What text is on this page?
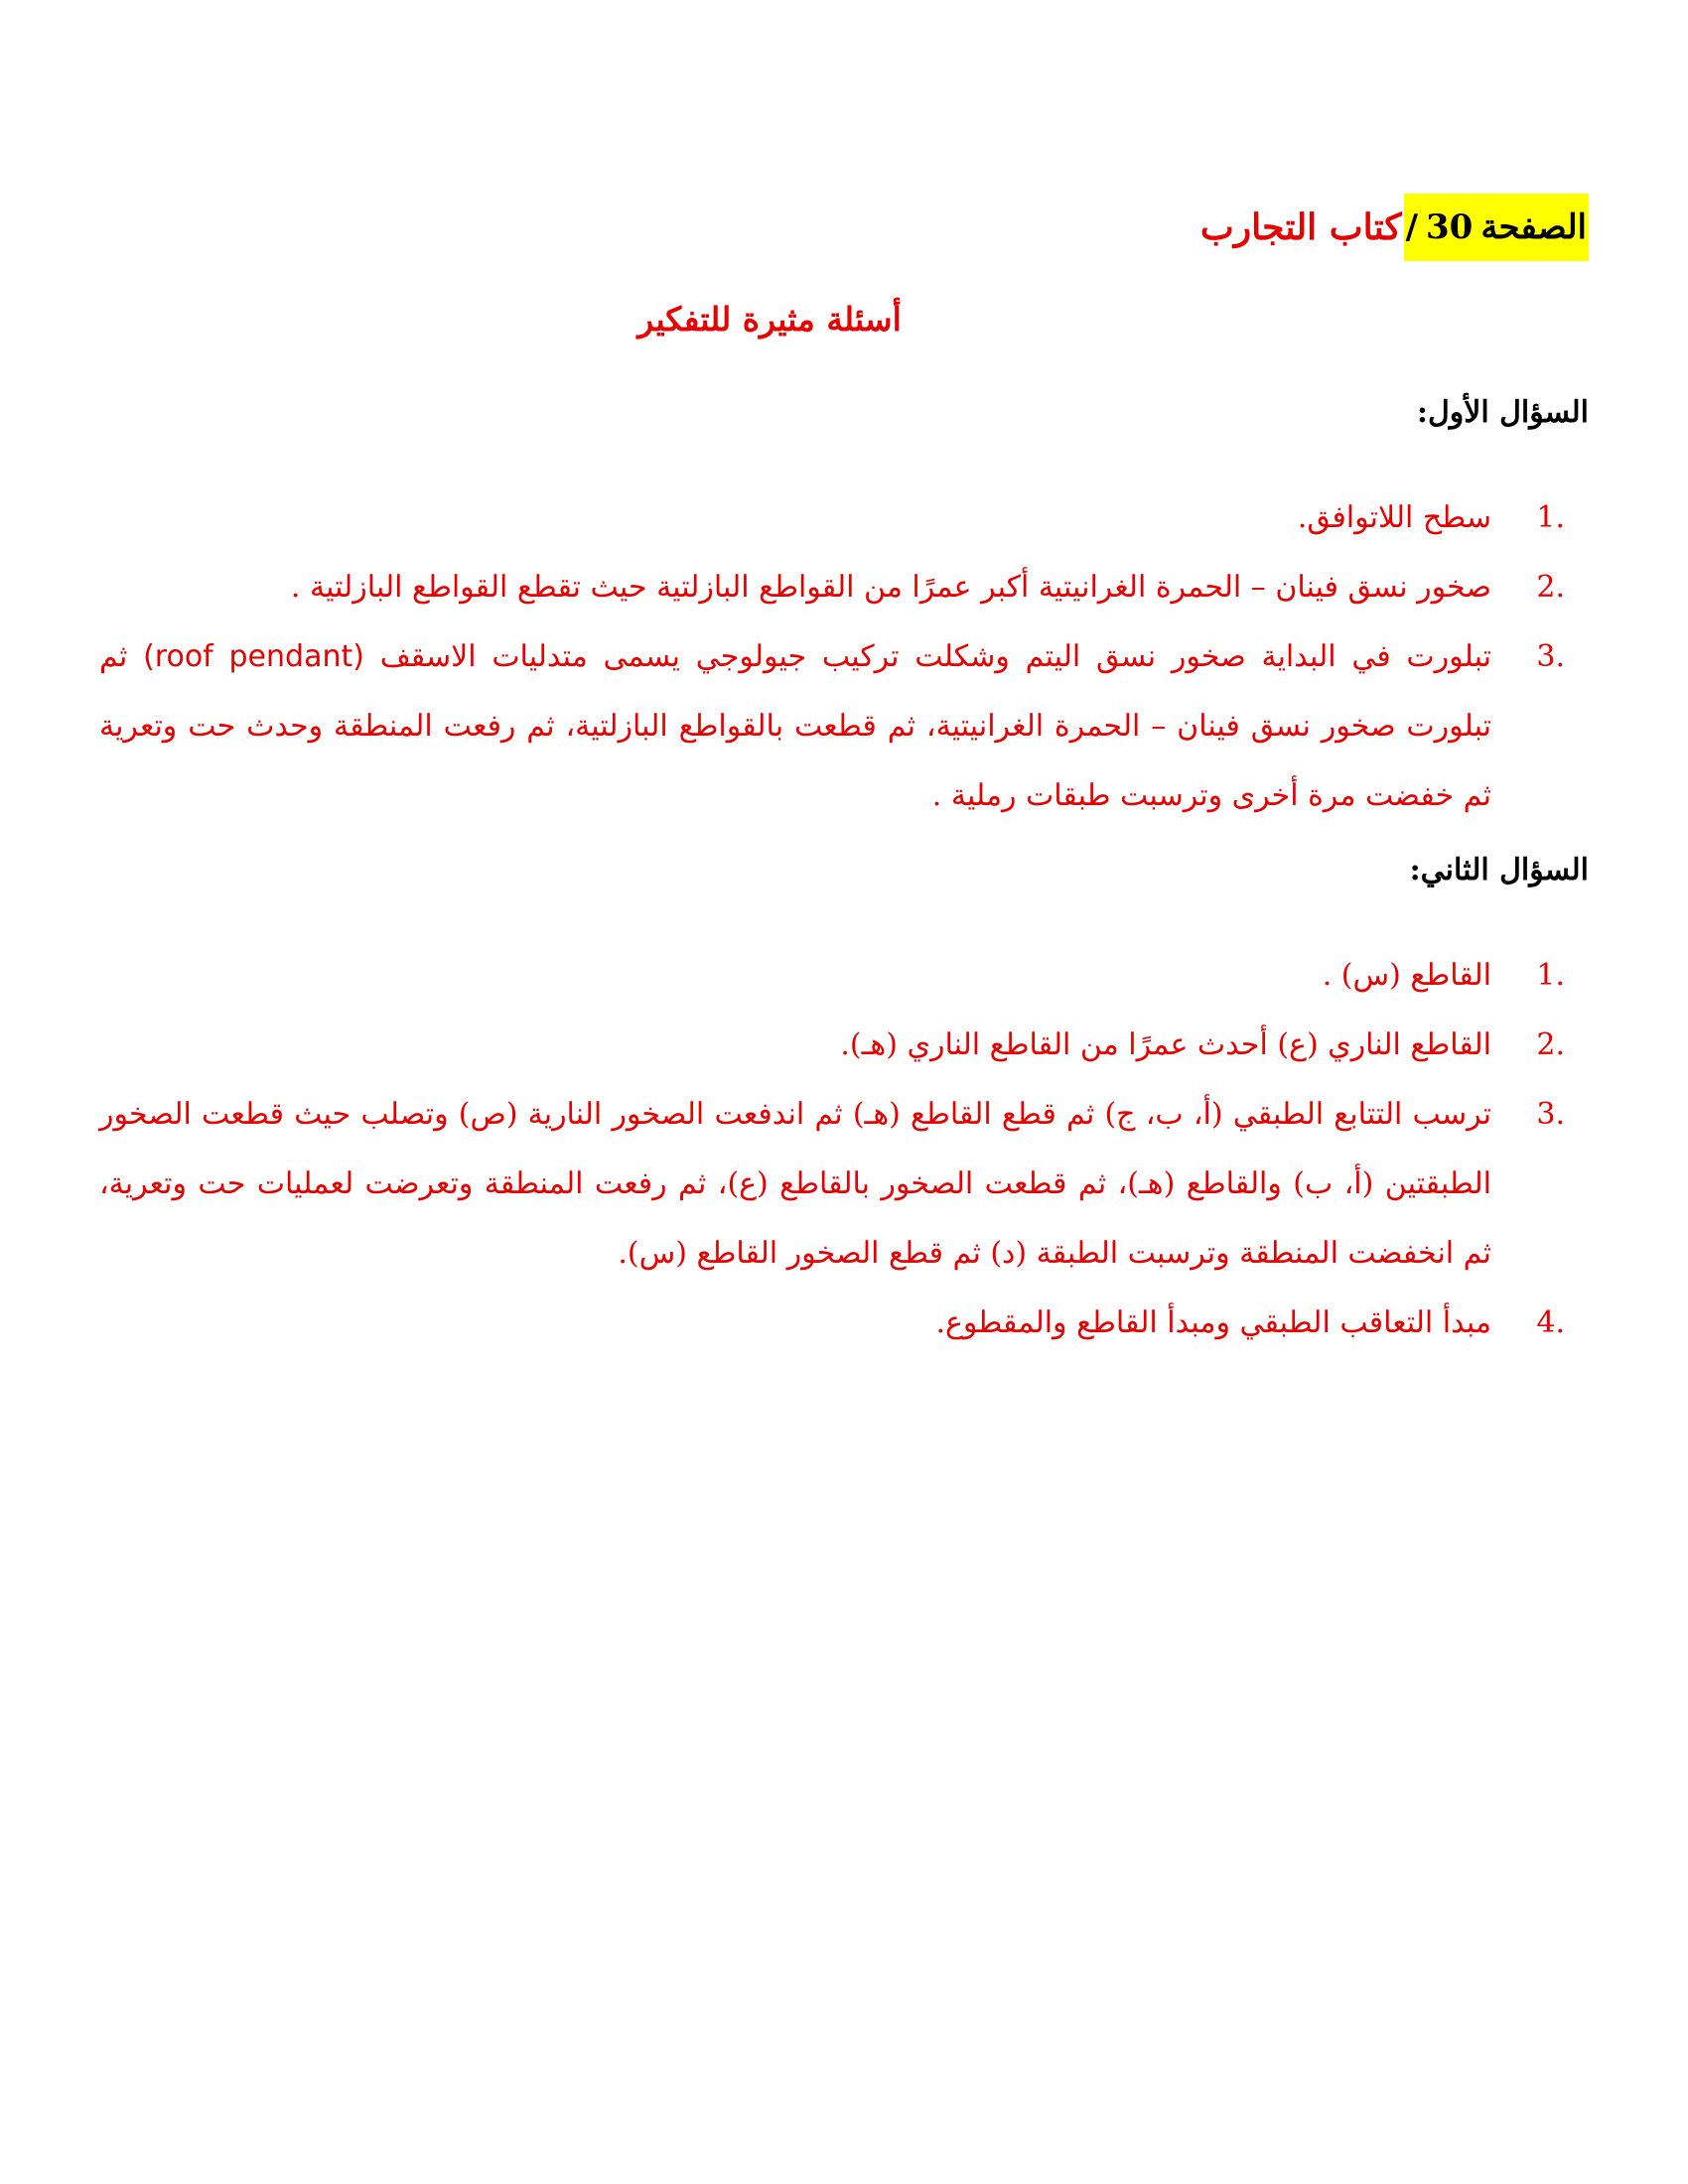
الصفحة30/
كتاب التجارب
أسئلة مثيرة للتفكير
السؤال الأول:
1.
سطح اللاتوافق.
2.
صخور نسق فينان – الحمرة الغرانيتية أكبر عمرًا من القواطع البازلتية حيث تقطع القواطع البازلتية .
3.
تبلورت في البداية صخور نسق اليتم وشكلت تركيب جيولوجي يسمى متدليات الاسقف (roof pendant) ثم تبلورت صخور نسق فينان – الحمرة الغرانيتية، ثم قطعت بالقواطع البازلتية، ثم رفعت المنطقة وحدث حت وتعرية ثم خفضت مرة أخرى وترسبت طبقات رملية .
السؤال الثاني:
1.
القاطع (س) .
2.
القاطع الناري (ع) أحدث عمرًا من القاطع الناري (هـ).
3.
ترسب التتابع الطبقي (أ، ب، ج) ثم قطع القاطع (هـ) ثم اندفعت الصخور النارية (ص) وتصلب حيث قطعت الصخور الطبقتين (أ، ب) والقاطع (هـ)، ثم قطعت الصخور بالقاطع (ع)، ثم رفعت المنطقة وتعرضت لعمليات حت وتعرية، ثم انخفضت المنطقة وترسبت الطبقة (د) ثم قطع الصخور القاطع (س).
4.
مبدأ التعاقب الطبقي ومبدأ القاطع والمقطوع.
